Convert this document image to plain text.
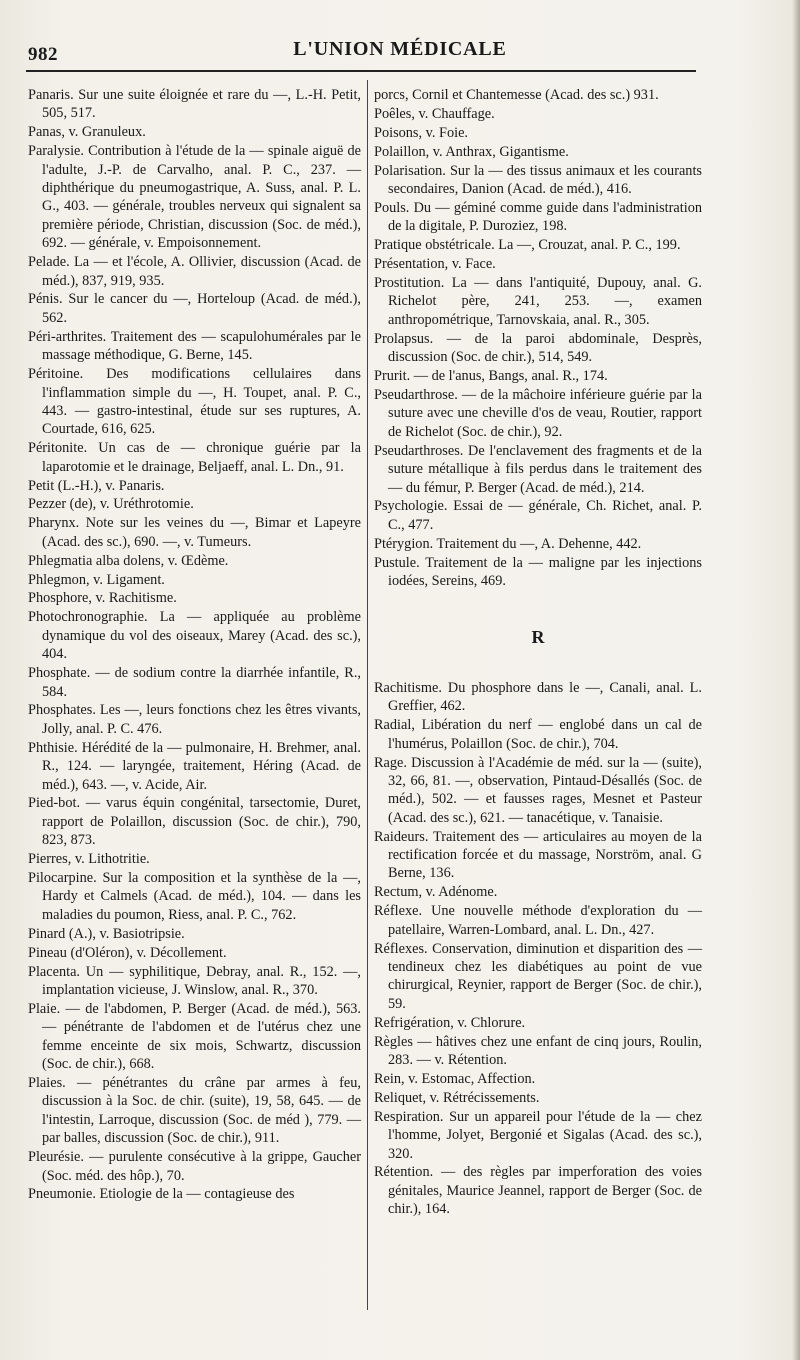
982	L'UNION MÉDICALE

Panaris. Sur une suite éloignée et rare du —, L.-H. Petit, 505, 517.

Panas, v. Granuleux.

Paralysie. Contribution à l'étude de la — spinale aiguë de l'adulte, J.-P. de Carvalho, anal. P. C., 237. — diphthérique du pneumogastrique, A. Suss, anal. P. L. G., 403. — générale, troubles nerveux qui signalent sa première période, Christian, discussion (Soc. de méd.), 692. — générale, v. Empoisonnement.

Pelade. La — et l'école, A. Ollivier, discussion (Acad. de méd.), 837, 919, 935.

Pénis. Sur le cancer du —, Horteloup (Acad. de méd.), 562.

Péri-arthrites. Traitement des — scapulohumérales par le massage méthodique, G. Berne, 145.

Péritoine. Des modifications cellulaires dans l'inflammation simple du —, H. Toupet, anal. P. C., 443. — gastro-intestinal, étude sur ses ruptures, A. Courtade, 616, 625.

Péritonite. Un cas de — chronique guérie par la laparotomie et le drainage, Beljaeff, anal. L. Dn., 91.

Petit (L.-H.), v. Panaris.

Pezzer (de), v. Uréthrotomie.

Pharynx. Note sur les veines du —, Bimar et Lapeyre (Acad. des sc.), 690. —, v. Tumeurs.

Phlegmatia alba dolens, v. Œdème.

Phlegmon, v. Ligament.

Phosphore, v. Rachitisme.

Photochronographie. La — appliquée au problème dynamique du vol des oiseaux, Marey (Acad. des sc.), 404.

Phosphate. — de sodium contre la diarrhée infantile, R., 584.

Phosphates. Les —, leurs fonctions chez les êtres vivants, Jolly, anal. P. C. 476.

Phthisie. Hérédité de la — pulmonaire, H. Brehmer, anal. R., 124. — laryngée, traitement, Héring (Acad. de méd.), 643. —, v. Acide, Air.

Pied-bot. — varus équin congénital, tarsectomie, Duret, rapport de Polaillon, discussion (Soc. de chir.), 790, 823, 873.

Pierres, v. Lithotritie.

Pilocarpine. Sur la composition et la synthèse de la —, Hardy et Calmels (Acad. de méd.), 104. — dans les maladies du poumon, Riess, anal. P. C., 762.

Pinard (A.), v. Basiotripsie.

Pineau (d'Oléron), v. Décollement.

Placenta. Un — syphilitique, Debray, anal. R., 152. —, implantation vicieuse, J. Winslow, anal. R., 370.

Plaie. — de l'abdomen, P. Berger (Acad. de méd.), 563. — pénétrante de l'abdomen et de l'utérus chez une femme enceinte de six mois, Schwartz, discussion (Soc. de chir.), 668.

Plaies. — pénétrantes du crâne par armes à feu, discussion à la Soc. de chir. (suite), 19, 58, 645. — de l'intestin, Larroque, discussion (Soc. de méd ), 779. — par balles, discussion (Soc. de chir.), 911.

Pleurésie. — purulente consécutive à la grippe, Gaucher (Soc. méd. des hôp.), 70.

Pneumonie. Etiologie de la — contagieuse des

porcs, Cornil et Chantemesse (Acad. des sc.) 931.

Poêles, v. Chauffage.

Poisons, v. Foie.

Polaillon, v. Anthrax, Gigantisme.

Polarisation. Sur la — des tissus animaux et les courants secondaires, Danion (Acad. de méd.), 416.

Pouls. Du — géminé comme guide dans l'administration de la digitale, P. Duroziez, 198.

Pratique obstétricale. La —, Crouzat, anal. P. C., 199.

Présentation, v. Face.

Prostitution. La — dans l'antiquité, Dupouy, anal. G. Richelot père, 241, 253. —, examen anthropométrique, Tarnovskaia, anal. R., 305.

Prolapsus. — de la paroi abdominale, Desprès, discussion (Soc. de chir.), 514, 549.

Prurit. — de l'anus, Bangs, anal. R., 174.

Pseudarthrose. — de la mâchoire inférieure guérie par la suture avec une cheville d'os de veau, Routier, rapport de Richelot (Soc. de chir.), 92.

Pseudarthroses. De l'enclavement des fragments et de la suture métallique à fils perdus dans le traitement des — du fémur, P. Berger (Acad. de méd.), 214.

Psychologie. Essai de — générale, Ch. Richet, anal. P. C., 477.

Ptérygion. Traitement du —, A. Dehenne, 442.

Pustule. Traitement de la — maligne par les injections iodées, Sereins, 469.

R

Rachitisme. Du phosphore dans le —, Canali, anal. L. Greffier, 462.

Radial, Libération du nerf — englobé dans un cal de l'humérus, Polaillon (Soc. de chir.), 704.

Rage. Discussion à l'Académie de méd. sur la — (suite), 32, 66, 81. —, observation, Pintaud-Désallés (Soc. de méd.), 502. — et fausses rages, Mesnet et Pasteur (Acad. des sc.), 621. — tanacétique, v. Tanaisie.

Raideurs. Traitement des — articulaires au moyen de la rectification forcée et du massage, Norström, anal. G Berne, 136.

Rectum, v. Adénome.

Réflexe. Une nouvelle méthode d'exploration du — patellaire, Warren-Lombard, anal. L. Dn., 427.

Réflexes. Conservation, diminution et disparition des — tendineux chez les diabétiques au point de vue chirurgical, Reynier, rapport de Berger (Soc. de chir.), 59.

Refrigération, v. Chlorure.

Règles — hâtives chez une enfant de cinq jours, Roulin, 283. — v. Rétention.

Rein, v. Estomac, Affection.

Reliquet, v. Rétrécissements.

Respiration. Sur un appareil pour l'étude de la — chez l'homme, Jolyet, Bergonié et Sigalas (Acad. des sc.), 320.

Rétention. — des règles par imperforation des voies génitales, Maurice Jeannel, rapport de Berger (Soc. de chir.), 164.
